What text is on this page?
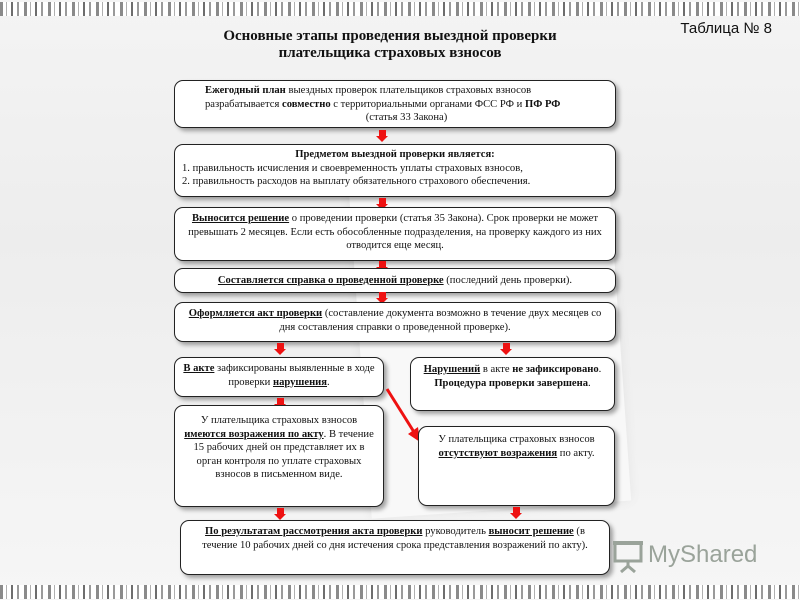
Таблица № 8
Основные этапы проведения выездной проверки
плательщика страховых взносов
Ежегодный план выездных проверок плательщиков страховых взносов
разрабатывается совместно с территориальными органами ФСС РФ и ПФ РФ

(статья 33 Закона)
Предметом выездной проверки является:
1. правильность исчисления и своевременность уплаты страховых взносов,
2. правильность расходов на выплату обязательного страхового обеспечения.
Выносится решение о проведении проверки (статья 35 Закона). Срок проверки не может превышать 2 месяцев. Если есть обособленные подразделения, на проверку каждого из них отводится еще месяц.
Составляется справка о проведенной проверке (последний день проверки).
Оформляется акт проверки (составление документа возможно в течение двух месяцев со дня составления справки о проведенной проверке).
В акте зафиксированы выявленные в ходе проверки нарушения.
Нарушений в акте не зафиксировано.
Процедура проверки завершена.
У плательщика страховых взносов имеются возражения по акту. В течение 15 рабочих дней он представляет их в орган контроля по уплате страховых взносов в письменном виде.
У плательщика страховых взносов отсутствуют возражения по акту.
По результатам рассмотрения акта проверки руководитель выносит решение (в течение 10 рабочих дней со дня истечения срока представления возражений по акту).	MyShared
